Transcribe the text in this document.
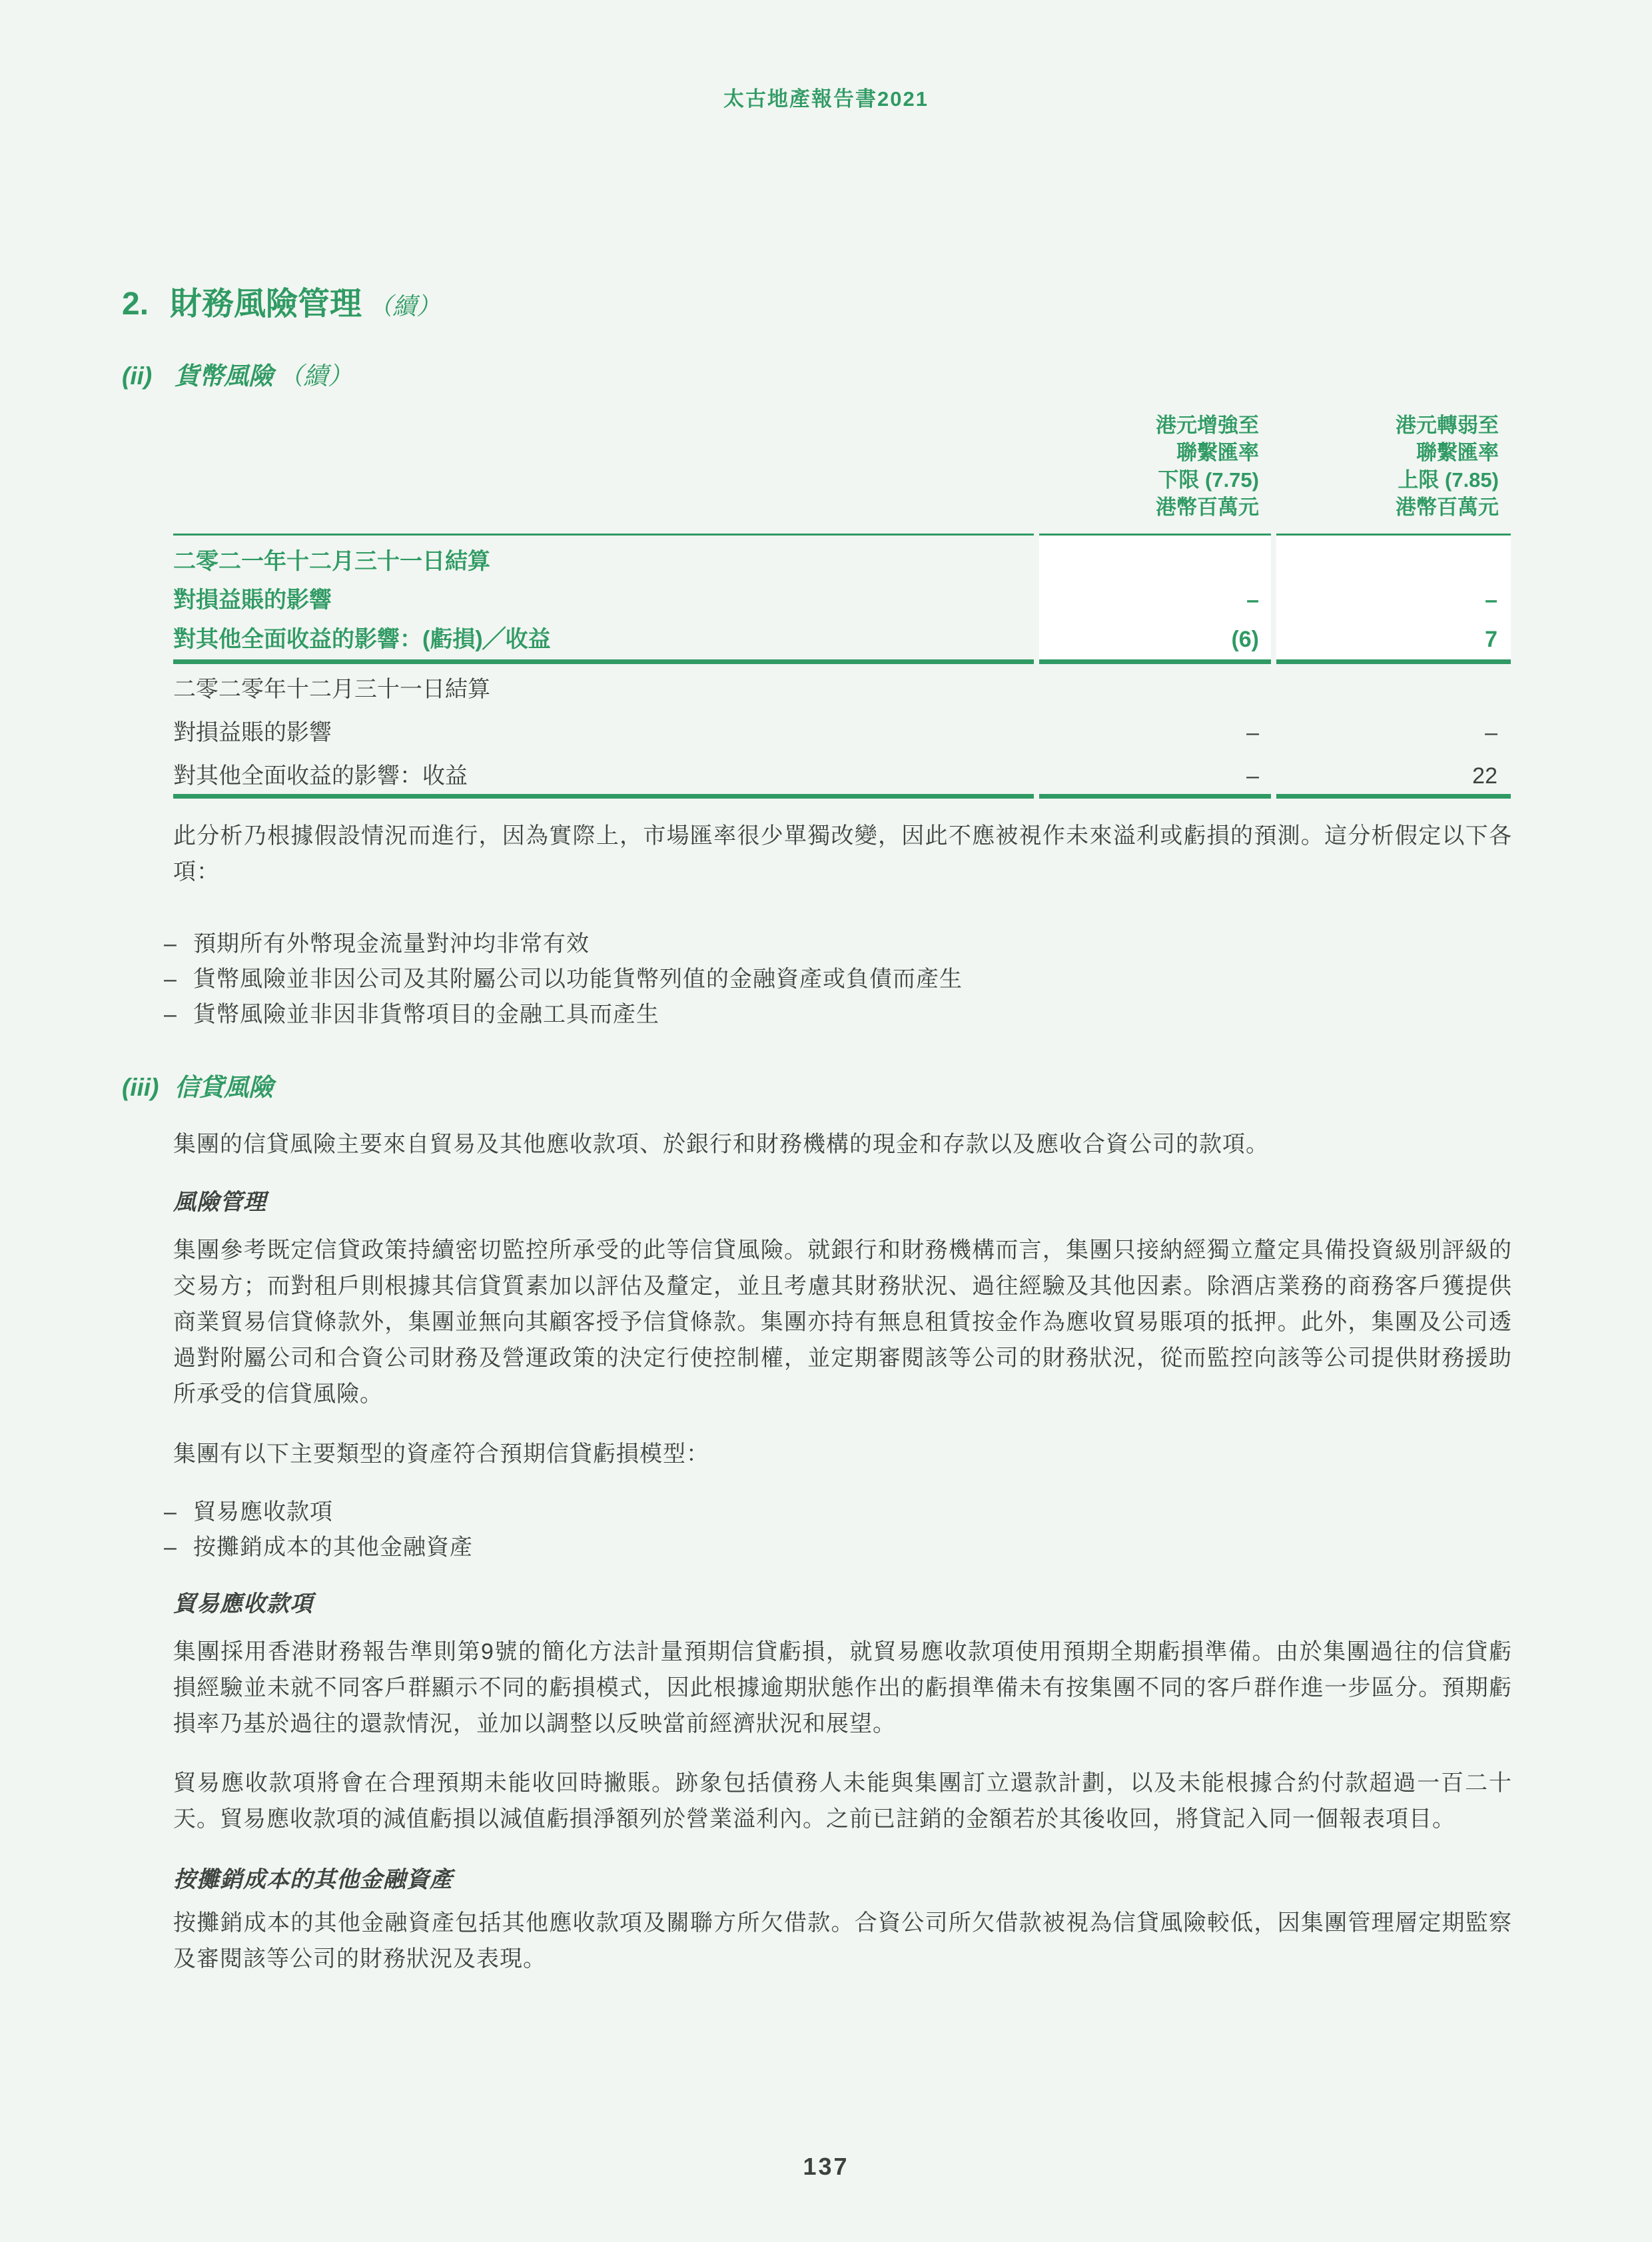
太古地產報告書2021
2. 財務風險管理 （續）
(ii) 貨幣風險 （續）
港元增強至
聯繫匯率
下限 (7.75)
港幣百萬元
港元轉弱至
聯繫匯率
上限 (7.85)
港幣百萬元
二零二一年十二月三十一日結算
對損益賬的影響	–	–
對其他全面收益的影響：(虧損)╱收益	(6)	7
二零二零年十二月三十一日結算
對損益賬的影響	–	–
對其他全面收益的影響：收益	–	22
此分析乃根據假設情況而進行，因為實際上，市場匯率很少單獨改變，因此不應被視作未來溢利或虧損的預測。這分析假定以下各項：
– 預期所有外幣現金流量對沖均非常有效
– 貨幣風險並非因公司及其附屬公司以功能貨幣列值的金融資產或負債而產生
– 貨幣風險並非因非貨幣項目的金融工具而產生
(iii) 信貸風險
集團的信貸風險主要來自貿易及其他應收款項、於銀行和財務機構的現金和存款以及應收合資公司的款項。
風險管理
集團參考既定信貸政策持續密切監控所承受的此等信貸風險。就銀行和財務機構而言，集團只接納經獨立釐定具備投資級別評級的交易方；而對租戶則根據其信貸質素加以評估及釐定，並且考慮其財務狀況、過往經驗及其他因素。除酒店業務的商務客戶獲提供商業貿易信貸條款外，集團並無向其顧客授予信貸條款。集團亦持有無息租賃按金作為應收貿易賬項的抵押。此外，集團及公司透過對附屬公司和合資公司財務及營運政策的決定行使控制權，並定期審閱該等公司的財務狀況，從而監控向該等公司提供財務援助所承受的信貸風險。
集團有以下主要類型的資產符合預期信貸虧損模型：
– 貿易應收款項
– 按攤銷成本的其他金融資產
貿易應收款項
集團採用香港財務報告準則第9號的簡化方法計量預期信貸虧損，就貿易應收款項使用預期全期虧損準備。由於集團過往的信貸虧損經驗並未就不同客戶群顯示不同的虧損模式，因此根據逾期狀態作出的虧損準備未有按集團不同的客戶群作進一步區分。預期虧損率乃基於過往的還款情況，並加以調整以反映當前經濟狀況和展望。
貿易應收款項將會在合理預期未能收回時撇賬。跡象包括債務人未能與集團訂立還款計劃，以及未能根據合約付款超過一百二十天。貿易應收款項的減值虧損以減值虧損淨額列於營業溢利內。之前已註銷的金額若於其後收回，將貸記入同一個報表項目。
按攤銷成本的其他金融資產
按攤銷成本的其他金融資產包括其他應收款項及關聯方所欠借款。合資公司所欠借款被視為信貸風險較低，因集團管理層定期監察及審閱該等公司的財務狀況及表現。
137
